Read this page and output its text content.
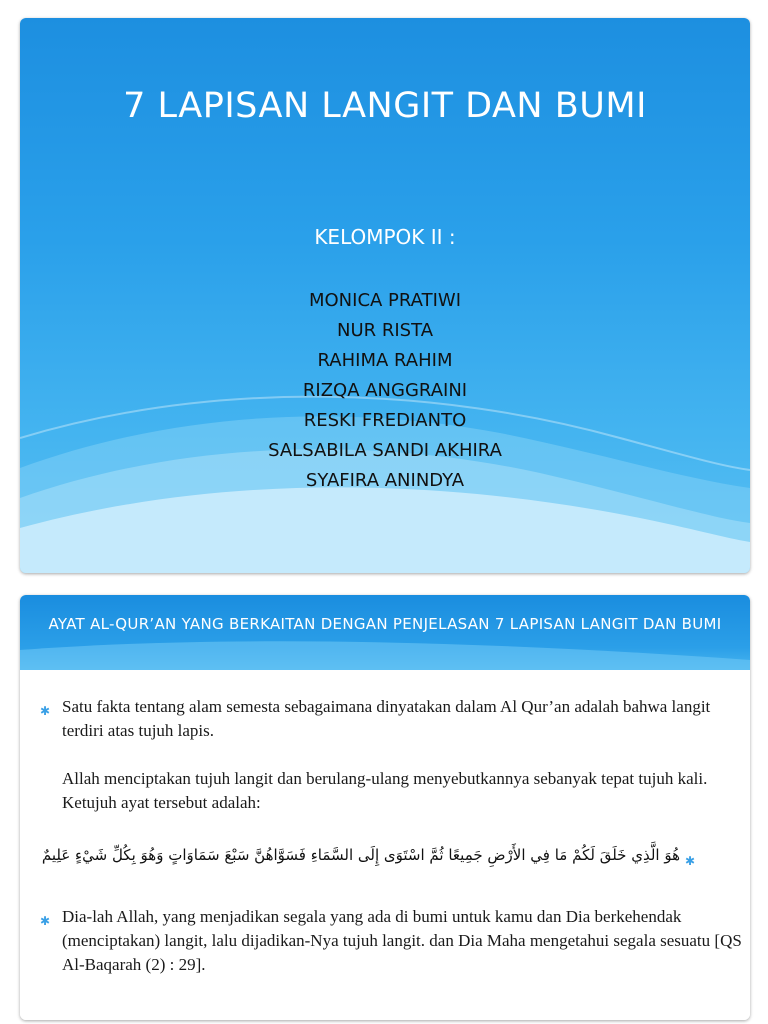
7 LAPISAN LANGIT DAN BUMI
KELOMPOK II :
MONICA PRATIWI
NUR RISTA
RAHIMA RAHIM
RIZQA ANGGRAINI
RESKI FREDIANTO
SALSABILA SANDI AKHIRA
SYAFIRA ANINDYA
AYAT AL-QUR’AN YANG BERKAITAN DENGAN PENJELASAN 7 LAPISAN LANGIT DAN BUMI
✱ Satu fakta tentang alam semesta sebagaimana dinyatakan dalam Al Qur’an adalah bahwa langit terdiri atas tujuh lapis.
Allah menciptakan tujuh langit dan berulang-ulang menyebutkannya sebanyak tepat tujuh kali. Ketujuh ayat tersebut adalah:
✱
هُوَ الَّذِي خَلَقَ لَكُمْ مَا فِي الأَرْضِ جَمِيعًا ثُمَّ اسْتَوَى إِلَى السَّمَاءِ فَسَوَّاهُنَّ سَبْعَ سَمَاوَاتٍ وَهُوَ بِكُلِّ شَيْءٍ عَلِيمٌ
✱ Dia-lah Allah, yang menjadikan segala yang ada di bumi untuk kamu dan Dia berkehendak (menciptakan) langit, lalu dijadikan-Nya tujuh langit. dan Dia Maha mengetahui segala sesuatu [QS Al-Baqarah (2) : 29].
